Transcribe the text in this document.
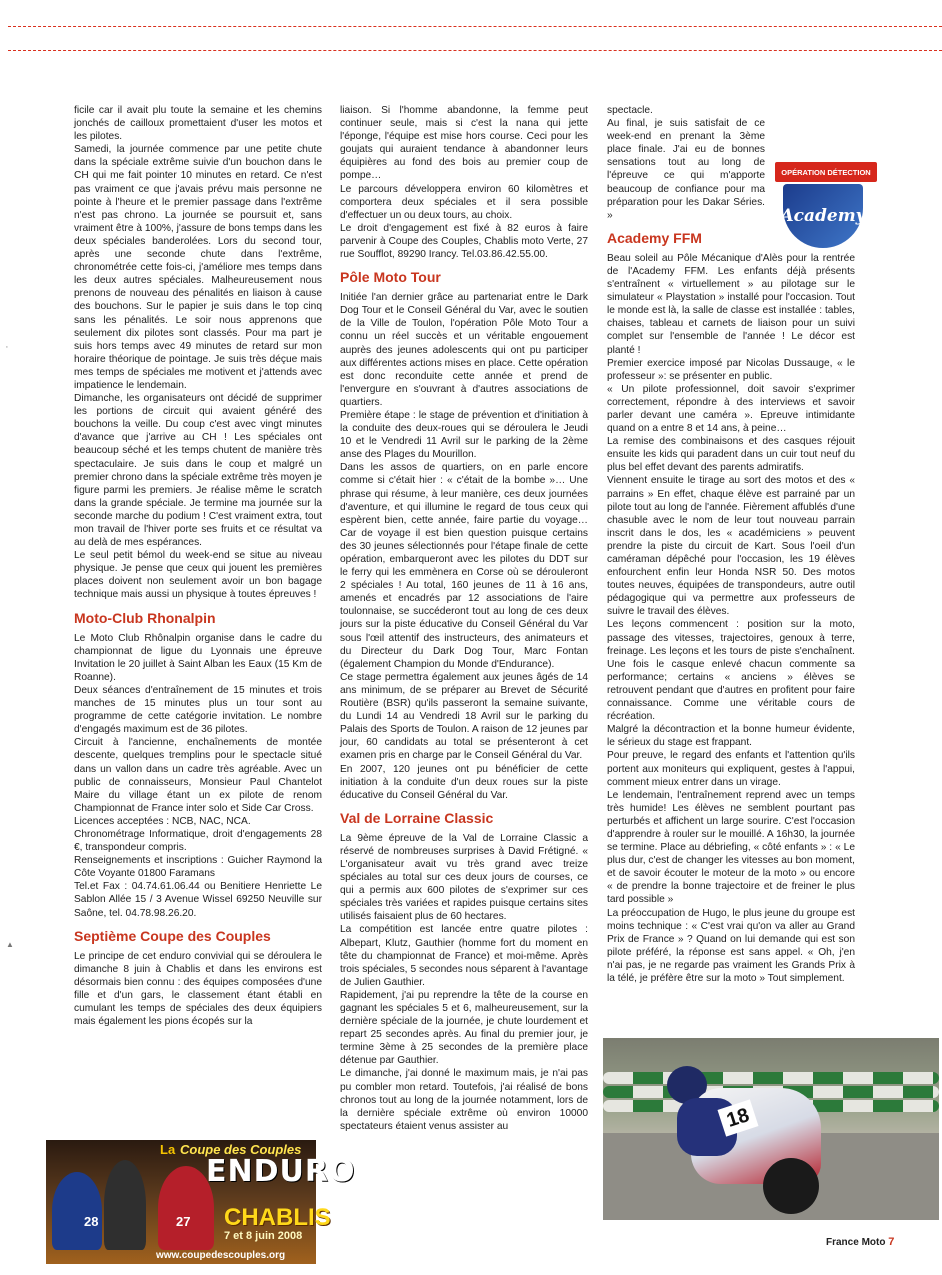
ficile car il avait plu toute la semaine et les chemins jonchés de cailloux promettaient d'user les motos et les pilotes.

Samedi, la journée commence par une petite chute dans la spéciale extrême suivie d'un bouchon dans le CH qui me fait pointer 10 minutes en retard. Ce n'est pas vraiment ce que j'avais prévu mais personne ne pointe à l'heure et le premier passage dans l'extrême n'est pas chrono. La journée se poursuit et, sans vraiment être à 100%, j'assure de bons temps dans les deux spéciales banderolées. Lors du second tour, après une seconde chute dans l'extrême, chronométrée cette fois-ci, j'améliore mes temps dans les deux autres spéciales. Malheureusement nous prenons de nouveau des pénalités en liaison à cause des bouchons. Sur le papier je suis dans le top cinq sans les pénalités. Le soir nous apprenons que seulement dix pilotes sont classés. Pour ma part je suis hors temps avec 49 minutes de retard sur mon horaire théorique de pointage. Je suis très déçue mais mes temps de spéciales me motivent et j'attends avec impatience le lendemain.

Dimanche, les organisateurs ont décidé de supprimer les portions de circuit qui avaient généré des bouchons la veille. Du coup c'est avec vingt minutes d'avance que j'arrive au CH ! Les spéciales ont beaucoup séché et les temps chutent de manière très spectaculaire. Je suis dans le coup et malgré un premier chrono dans la spéciale extrême très moyen je figure parmi les premiers. Je réalise même le scratch dans la grande spéciale. Je termine ma journée sur la seconde marche du podium ! C'est vraiment extra, tout mon travail de l'hiver porte ses fruits et ce résultat va au delà de mes espérances.

Le seul petit bémol du week-end se situe au niveau physique. Je pense que ceux qui jouent les premières places doivent non seulement avoir un bon bagage technique mais aussi un physique à toutes épreuves !

Moto-Club Rhonalpin

Le Moto Club Rhônalpin organise dans le cadre du championnat de ligue du Lyonnais une épreuve Invitation le 20 juillet à Saint Alban les Eaux (15 Km de Roanne).

Deux séances d'entraînement de 15 minutes et trois manches de 15 minutes plus un tour sont au programme de cette catégorie invitation. Le nombre d'engagés maximum est de 36 pilotes.

Circuit à l'ancienne, enchaînements de montée descente, quelques tremplins pour le spectacle situé dans un vallon dans un cadre très agréable. Avec un public de connaisseurs, Monsieur Paul Chantelot Maire du village étant un ex pilote de renom Championnat de France inter solo et Side Car Cross.

Licences acceptées : NCB, NAC, NCA.

Chronométrage Informatique, droit d'engagements 28 €, transpondeur compris.

Renseignements et inscriptions : Guicher Raymond la Côte Voyante 01800 Faramans

Tel.et Fax : 04.74.61.06.44 ou Benitiere Henriette Le Sablon Allée 15 / 3 Avenue Wissel 69250 Neuville sur Saône, tel. 04.78.98.26.20.

Septième Coupe des Couples

Le principe de cet enduro convivial qui se déroulera le dimanche 8 juin à Chablis et dans les environs est désormais bien connu : des équipes composées d'une fille et d'un gars, le classement étant établi en cumulant les temps de spéciales des deux équipiers mais également les pions écopés sur la

liaison. Si l'homme abandonne, la femme peut continuer seule, mais si c'est la nana qui jette l'éponge, l'équipe est mise hors course. Ceci pour les goujats qui auraient tendance à abandonner leurs équipières au fond des bois au premier coup de pompe…

Le parcours développera environ 60 kilomètres et comportera deux spéciales et il sera possible d'effectuer un ou deux tours, au choix.

Le droit d'engagement est fixé à 82 euros à faire parvenir à Coupe des Couples, Chablis moto Verte, 27 rue Soufflot, 89290 Irancy. Tel.03.86.42.55.00.

Pôle Moto Tour

Initiée l'an dernier grâce au partenariat entre le Dark Dog Tour et le Conseil Général du Var, avec le soutien de la Ville de Toulon, l'opération Pôle Moto Tour a connu un réel succès et un véritable engouement auprès des jeunes adolescents qui ont pu participer aux différentes actions mises en place. Cette opération est donc reconduite cette année et prend de l'envergure en s'ouvrant à d'autres associations de quartiers.

Première étape : le stage de prévention et d'initiation à la conduite des deux-roues qui se déroulera le Jeudi 10 et le Vendredi 11 Avril sur le parking de la 2ème anse des Plages du Mourillon.

Dans les assos de quartiers, on en parle encore comme si c'était hier : « c'était de la bombe »… Une phrase qui résume, à leur manière, ces deux journées d'aventure, et qui illumine le regard de tous ceux qui espèrent bien, cette année, faire partie du voyage… Car de voyage il est bien question puisque certains des 30 jeunes sélectionnés pour l'étape finale de cette opération, embarqueront avec les pilotes du DDT sur le ferry qui les emmènera en Corse où se dérouleront 2 spéciales ! Au total, 160 jeunes de 11 à 16 ans, amenés et encadrés par 12 associations de l'aire toulonnaise, se succéderont tout au long de ces deux jours sur la piste éducative du Conseil Général du Var sous l'œil attentif des instructeurs, des animateurs et du Directeur du Dark Dog Tour, Marc Fontan (également Champion du Monde d'Endurance).

Ce stage permettra également aux jeunes âgés de 14 ans minimum, de se préparer au Brevet de Sécurité Routière (BSR) qu'ils passeront la semaine suivante, du Lundi 14 au Vendredi 18 Avril sur le parking du Palais des Sports de Toulon. A raison de 12 jeunes par jour, 60 candidats au total se présenteront à cet examen pris en charge par le Conseil Général du Var.

En 2007, 120 jeunes ont pu bénéficier de cette initiation à la conduite d'un deux roues sur la piste éducative du Conseil Général du Var.

Val de Lorraine Classic

La 9ème épreuve de la Val de Lorraine Classic a réservé de nombreuses surprises à David Frétigné. « L'organisateur avait vu très grand avec treize spéciales au total sur ces deux jours de courses, ce qui a permis aux 600 pilotes de s'exprimer sur ces spéciales très variées et rapides puisque certains sites utilisés faisaient plus de 60 hectares.

La compétition est lancée entre quatre pilotes : Albepart, Klutz, Gauthier (homme fort du moment en tête du championnat de France) et moi-même. Après trois spéciales, 5 secondes nous séparent à l'avantage de Julien Gauthier.

Rapidement, j'ai pu reprendre la tête de la course en gagnant les spéciales 5 et 6, malheureusement, sur la dernière spéciale de la journée, je chute lourdement et repart 25 secondes après. Au final du premier jour, je termine 3ème à 25 secondes de la première place détenue par Gauthier.

Le dimanche, j'ai donné le maximum mais, je n'ai pas pu combler mon retard. Toutefois, j'ai réalisé de bons chronos tout au long de la journée notamment, lors de la dernière spéciale extrême où environ 10000 spectateurs étaient venus assister au

spectacle.

Au final, je suis satisfait de ce week-end en prenant la 3ème place finale. J'ai eu de bonnes sensations tout au long de l'épreuve ce qui m'apporte beaucoup de confiance pour ma préparation pour les Dakar Séries. »

Academy FFM

Beau soleil au Pôle Mécanique d'Alès pour la rentrée de l'Academy FFM. Les enfants déjà présents s'entraînent « virtuellement » au pilotage sur le simulateur « Playstation » installé pour l'occasion. Tout le monde est là, la salle de classe est installée : tables, chaises, tableau et carnets de liaison pour un suivi complet sur l'ensemble de l'année ! Le décor est planté !

Premier exercice imposé par Nicolas Dussauge, « le professeur »: se présenter en public.

« Un pilote professionnel, doit savoir s'exprimer correctement, répondre à des interviews et savoir parler devant une caméra ». Epreuve intimidante quand on a entre 8 et 14 ans, à peine…

La remise des combinaisons et des casques réjouit ensuite les kids qui paradent dans un cuir tout neuf du plus bel effet devant des parents admiratifs.

Viennent ensuite le tirage au sort des motos et des « parrains » En effet, chaque élève est parrainé par un pilote tout au long de l'année. Fièrement affublés d'une chasuble avec le nom de leur tout nouveau parrain inscrit dans le dos, les « académiciens » peuvent prendre la piste du circuit de Kart. Sous l'oeil d'un caméraman dépêché pour l'occasion, les 19 élèves enfourchent enfin leur Honda NSR 50. Des motos toutes neuves, équipées de transpondeurs, autre outil pédagogique qui va permettre aux professeurs de suivre le travail des élèves.

Les leçons commencent : position sur la moto, passage des vitesses, trajectoires, genoux à terre, freinage. Les leçons et les tours de piste s'enchaînent. Une fois le casque enlevé chacun commente sa performance; certains « anciens » élèves se retrouvent pendant que d'autres en profitent pour faire connaissance. Comme une véritable cours de récréation.

Malgré la décontraction et la bonne humeur évidente, le sérieux du stage est frappant.

Pour preuve, le regard des enfants et l'attention qu'ils portent aux moniteurs qui expliquent, gestes à l'appui, comment mieux entrer dans un virage.

Le lendemain, l'entraînement reprend avec un temps très humide! Les élèves ne semblent pourtant pas perturbés et affichent un large sourire. C'est l'occasion d'apprendre à rouler sur le mouillé. A 16h30, la journée se termine. Place au débriefing, « côté enfants » : « Le plus dur, c'est de changer les vitesses au bon moment, et de savoir écouter le moteur de la moto » ou encore « de prendre la bonne trajectoire et de freiner le plus tard possible »

La préoccupation de Hugo, le plus jeune du groupe est moins technique : « C'est vrai qu'on va aller au Grand Prix de France » ? Quand on lui demande qui est son pilote préféré, la réponse est sans appel. « Oh, j'en n'ai pas, je ne regarde pas vraiment les Grands Prix à la télé, je préfère être sur la moto » Tout simplement.

OPÉRATION DÉTECTION
Academy
28	27
La Coupe des Couples
ENDURO
CHABLIS
7 et 8 juin 2008
www.coupedescouples.org
18
‚
▲
France Moto 7
